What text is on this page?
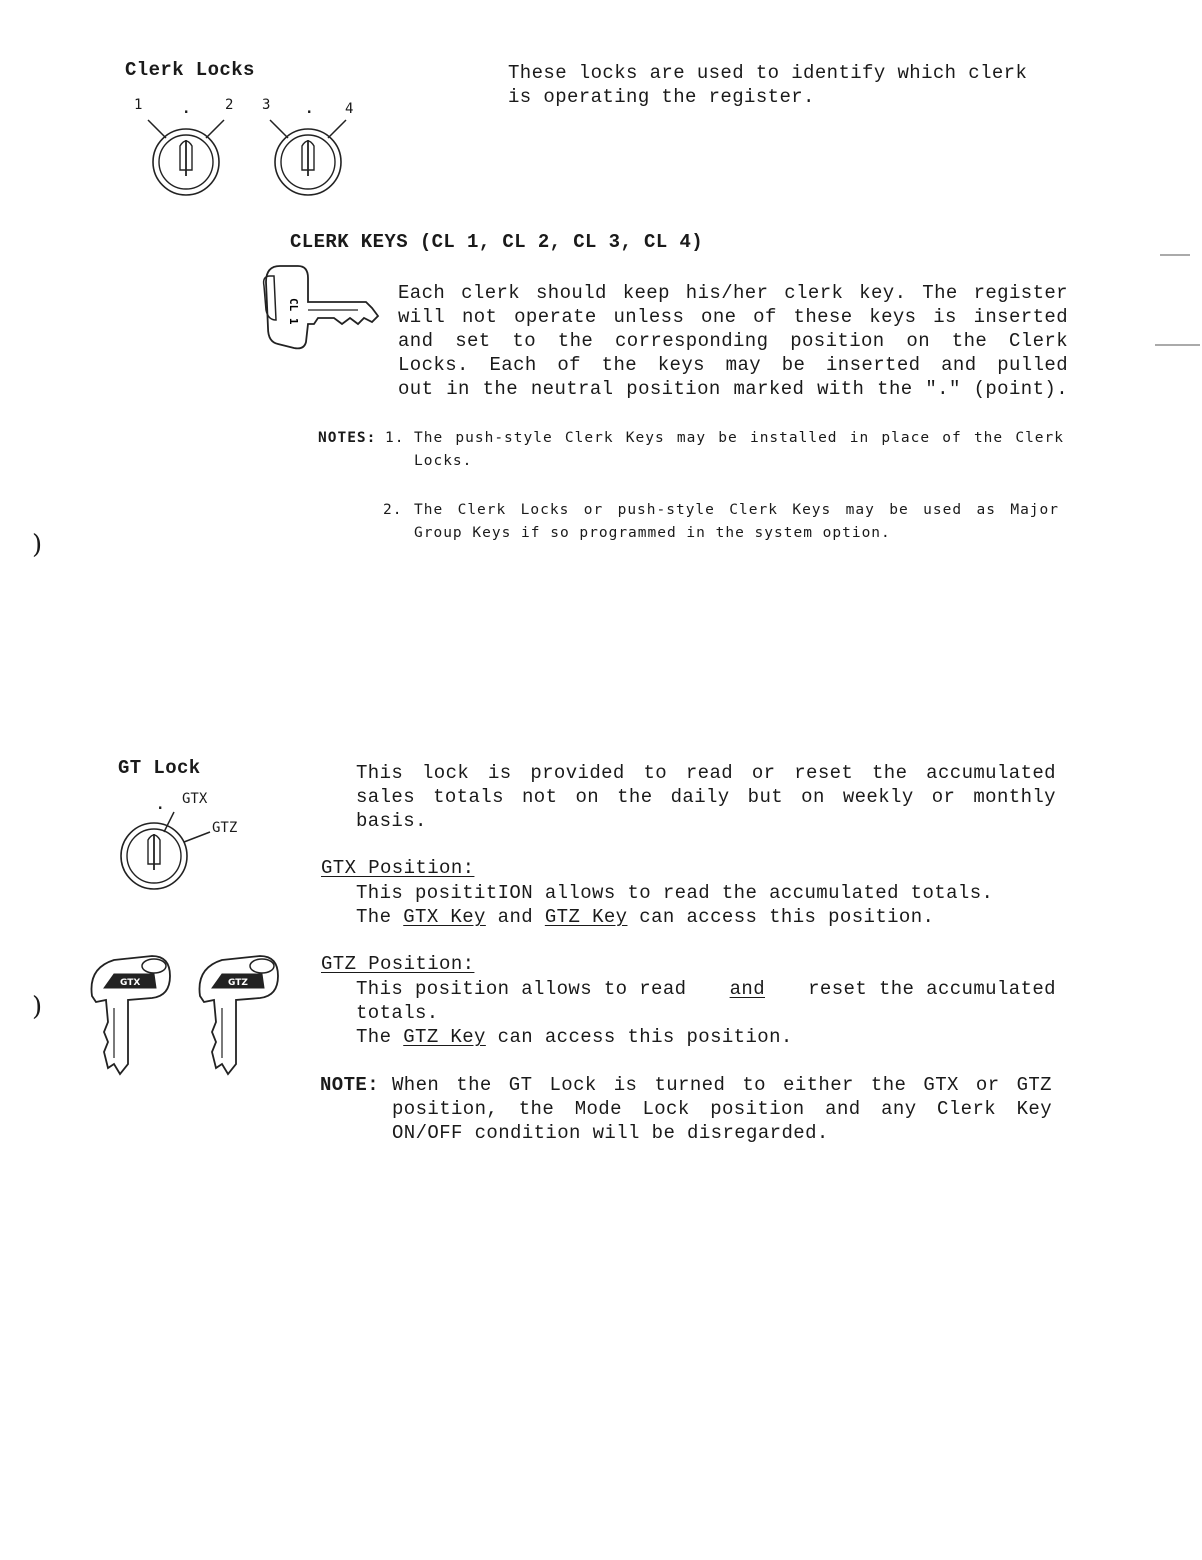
Clerk Locks
1	. 2 3 . 4
These locks are used to identify which clerk
is operating the register.
CLERK KEYS (CL 1, CL 2, CL 3, CL 4)
CL 1
Each clerk should keep his/her clerk key. The register
will not operate unless one of these keys is inserted
and set to the corresponding position on the Clerk
Locks. Each of the keys may be inserted and pulled
out in the neutral position marked with the "." (point).
NOTES: 1. The push-style Clerk Keys may be installed in place of the Clerk
Locks.
2. The Clerk Locks or push-style Clerk Keys may be used as Major
Group Keys if so programmed in the system option.
)
)
GT Lock
. GTX
GTZ
GTX	GTZ
This lock is provided to read or reset the accumulated
sales totals not on the daily but on weekly or monthly
basis.
GTX Position:
This posititION allows to read the accumulated totals.
The GTX Key and GTZ Key can access this position.
GTZ Position:
This position allows to read and reset the accumulated
totals.
The GTZ Key can access this position.
NOTE: When the GT Lock is turned to either the GTX or GTZ
position, the Mode Lock position and any Clerk Key
ON/OFF condition will be disregarded.
